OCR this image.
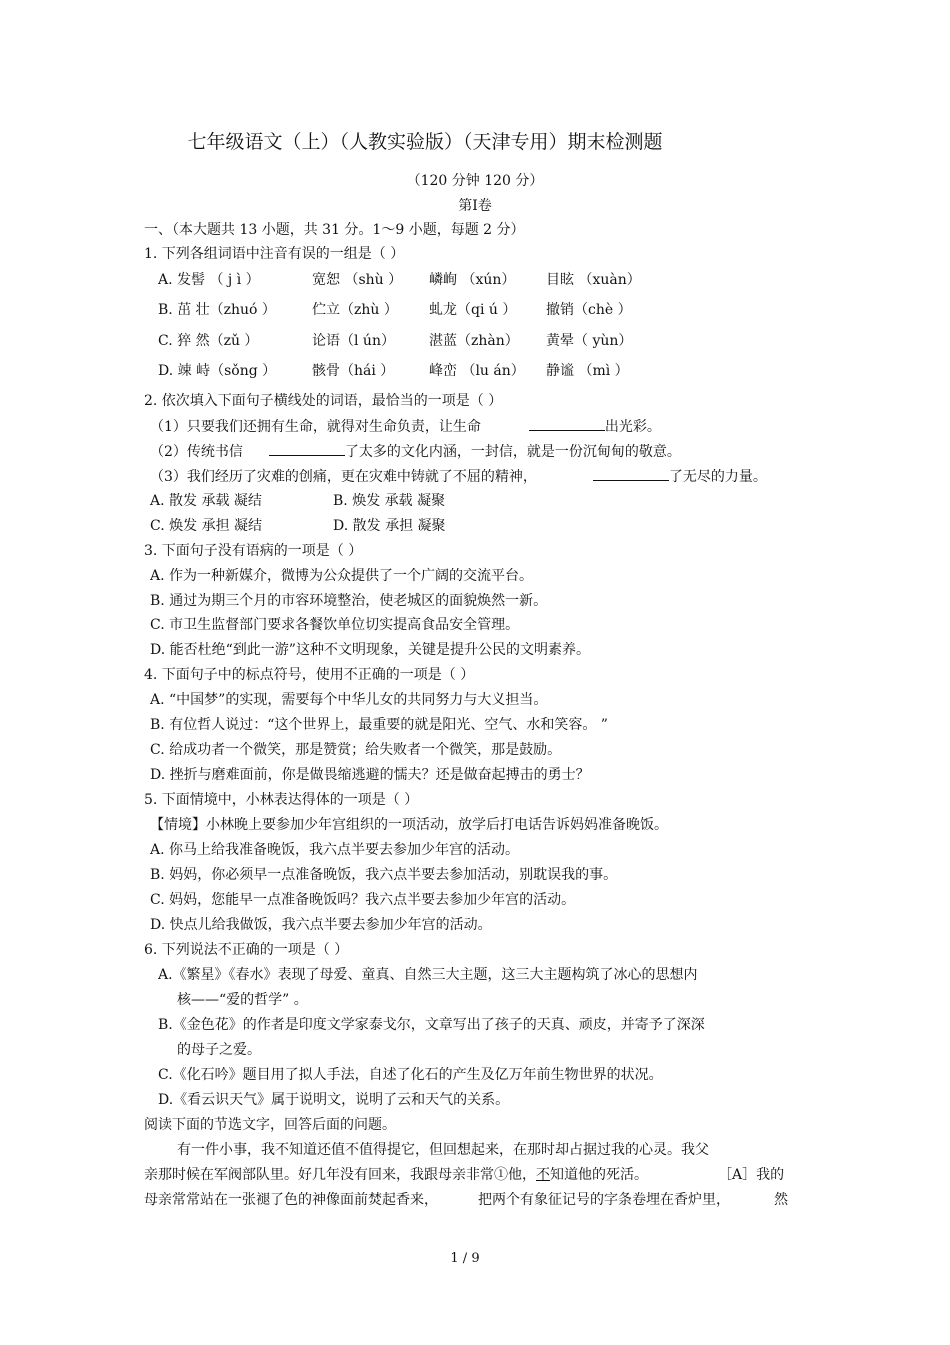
七年级语文（上）（人教实验版）（天津专用）期末检测题
（120 分钟 120 分）
第Ⅰ卷
一、（本大题共 13 小题，共 31 分。1～9 小题，每题 2 分）
1. 下列各组词语中注音有误的一组是（ ）
A. 发髻 （ j ì ）	宽恕 （shù ） 嶙峋 （xún） 目眩 （xuàn）
B. 茁 壮（zhuó ）	伫立（zhù ） 虬龙（qi ú ） 撤销（chè ）
C. 猝 然（zǔ ）	论语（l ún） 湛蓝（zhàn） 黄晕（ yùn）
D. 竦 峙（sǒng ）	骸骨（hái ） 峰峦 （lu án） 静谧 （mì ）
2. 依次填入下面句子横线处的词语，最恰当的一项是（ ）
（1）只要我们还拥有生命，就得对生命负责，让生命	出光彩。
（2）传统书信	了太多的文化内涵，一封信，就是一份沉甸甸的敬意。
（3）我们经历了灾难的创痛，更在灾难中铸就了不屈的精神，	了无尽的力量。
A. 散发 承载 凝结	B. 焕发 承载 凝聚
C. 焕发 承担 凝结	D. 散发 承担 凝聚
3. 下面句子没有语病的一项是（ ）
A. 作为一种新媒介，微博为公众提供了一个广阔的交流平台。
B. 通过为期三个月的市容环境整治，使老城区的面貌焕然一新。
C. 市卫生监督部门要求各餐饮单位切实提高食品安全管理。
D. 能否杜绝“到此一游”这种不文明现象，关键是提升公民的文明素养。
4. 下面句子中的标点符号，使用不正确的一项是（ ）
A. “中国梦”的实现，需要每个中华儿女的共同努力与大义担当。
B. 有位哲人说过：“这个世界上，最重要的就是阳光、空气、水和笑容。 ”
C. 给成功者一个微笑，那是赞赏；给失败者一个微笑，那是鼓励。
D. 挫折与磨难面前，你是做畏缩逃避的懦夫？还是做奋起搏击的勇士？
5. 下面情境中，小林表达得体的一项是（ ）
【情境】小林晚上要参加少年宫组织的一项活动，放学后打电话告诉妈妈准备晚饭。
A. 你马上给我准备晚饭，我六点半要去参加少年宫的活动。
B. 妈妈，你必须早一点准备晚饭，我六点半要去参加活动，别耽误我的事。
C. 妈妈，您能早一点准备晚饭吗？我六点半要去参加少年宫的活动。
D. 快点儿给我做饭，我六点半要去参加少年宫的活动。
6. 下列说法不正确的一项是（ ）
A.《繁星》《春水》表现了母爱、童真、自然三大主题，这三大主题构筑了冰心的思想内
核——“爱的哲学” 。
B.《金色花》的作者是印度文学家泰戈尔，文章写出了孩子的天真、顽皮，并寄予了深深
的母子之爱。
C.《化石吟》题目用了拟人手法，自述了化石的产生及亿万年前生物世界的状况。
D.《看云识天气》属于说明文，说明了云和天气的关系。
阅读下面的节选文字，回答后面的问题。
有一件小事，我不知道还值不值得提它，但回想起来，在那时却占据过我的心灵。我父
亲那时候在军阀部队里。好几年没有回来，我跟母亲非常①他，不知道他的死活。	［A］我的
母亲常常站在一张褪了色的神像面前焚起香来，	把两个有象征记号的字条卷埋在香炉里，	然
1 / 9
